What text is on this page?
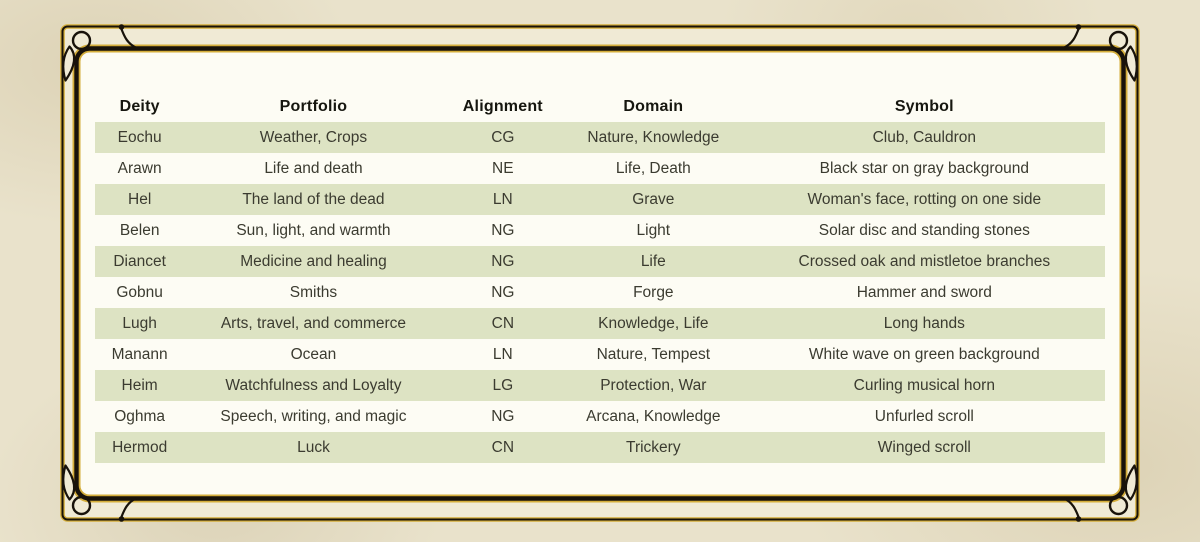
Deity	Portfolio	Alignment	Domain	Symbol
Eochu	Weather, Crops	CG	Nature, Knowledge	Club, Cauldron
Arawn	Life and death	NE	Life, Death	Black star on gray background
Hel	The land of the dead	LN	Grave	Woman's face, rotting on one side
Belen	Sun, light, and warmth	NG	Light	Solar disc and standing stones
Diancet	Medicine and healing	NG	Life	Crossed oak and mistletoe branches
Gobnu	Smiths	NG	Forge	Hammer and sword
Lugh	Arts, travel, and commerce	CN	Knowledge, Life	Long hands
Manann	Ocean	LN	Nature, Tempest	White wave on green background
Heim	Watchfulness and Loyalty	LG	Protection, War	Curling musical horn
Oghma	Speech, writing, and magic	NG	Arcana, Knowledge	Unfurled scroll
Hermod	Luck	CN	Trickery	Winged scroll
